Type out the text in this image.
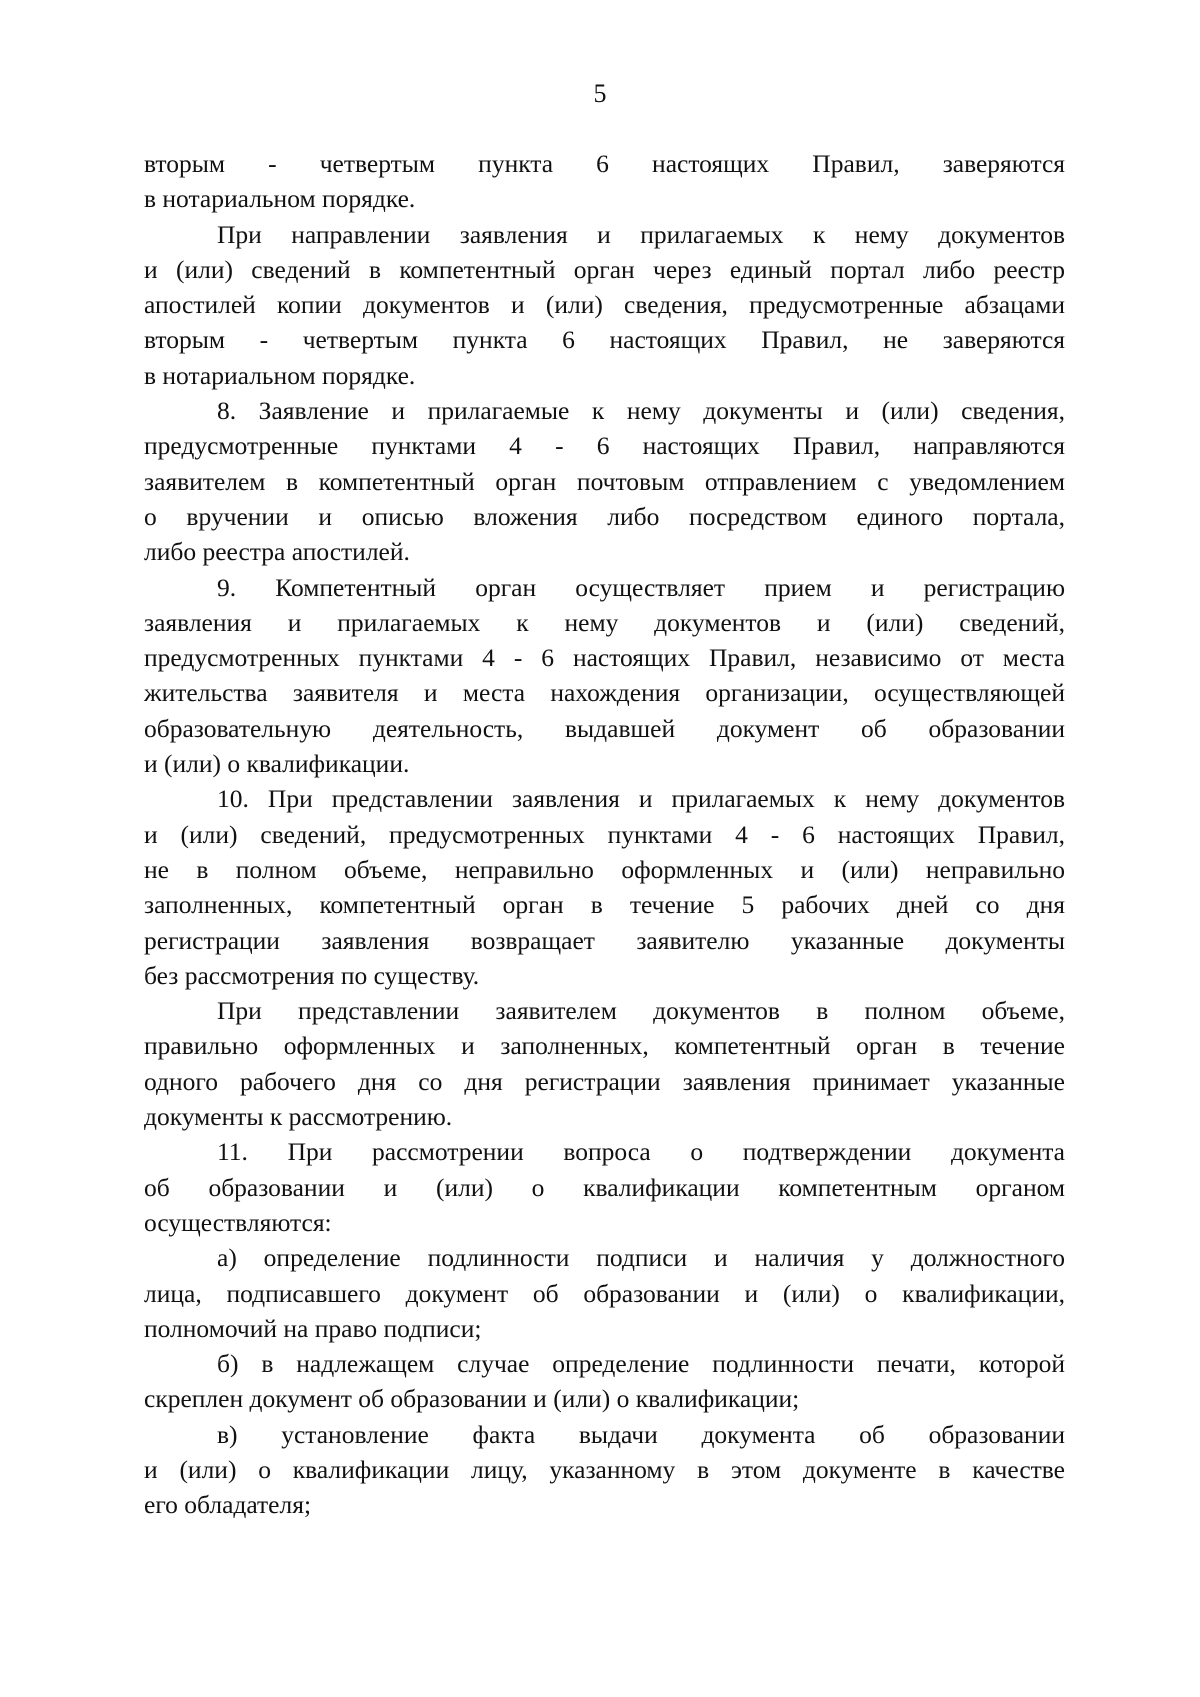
5
вторым - четвертым пункта 6 настоящих Правил, заверяются
в нотариальном порядке.
При направлении заявления и прилагаемых к нему документов
и (или) сведений в компетентный орган через единый портал либо реестр
апостилей копии документов и (или) сведения, предусмотренные абзацами
вторым - четвертым пункта 6 настоящих Правил, не заверяются
в нотариальном порядке.
8. Заявление и прилагаемые к нему документы и (или) сведения,
предусмотренные пунктами 4 - 6 настоящих Правил, направляются
заявителем в компетентный орган почтовым отправлением с уведомлением
о вручении и описью вложения либо посредством единого портала,
либо реестра апостилей.
9. Компетентный орган осуществляет прием и регистрацию
заявления и прилагаемых к нему документов и (или) сведений,
предусмотренных пунктами 4 - 6 настоящих Правил, независимо от места
жительства заявителя и места нахождения организации, осуществляющей
образовательную деятельность, выдавшей документ об образовании
и (или) о квалификации.
10. При представлении заявления и прилагаемых к нему документов
и (или) сведений, предусмотренных пунктами 4 - 6 настоящих Правил,
не в полном объеме, неправильно оформленных и (или) неправильно
заполненных, компетентный орган в течение 5 рабочих дней со дня
регистрации заявления возвращает заявителю указанные документы
без рассмотрения по существу.
При представлении заявителем документов в полном объеме,
правильно оформленных и заполненных, компетентный орган в течение
одного рабочего дня со дня регистрации заявления принимает указанные
документы к рассмотрению.
11. При рассмотрении вопроса о подтверждении документа
об образовании и (или) о квалификации компетентным органом
осуществляются:
а) определение подлинности подписи и наличия у должностного
лица, подписавшего документ об образовании и (или) о квалификации,
полномочий на право подписи;
б) в надлежащем случае определение подлинности печати, которой
скреплен документ об образовании и (или) о квалификации;
в) установление факта выдачи документа об образовании
и (или) о квалификации лицу, указанному в этом документе в качестве
его обладателя;
